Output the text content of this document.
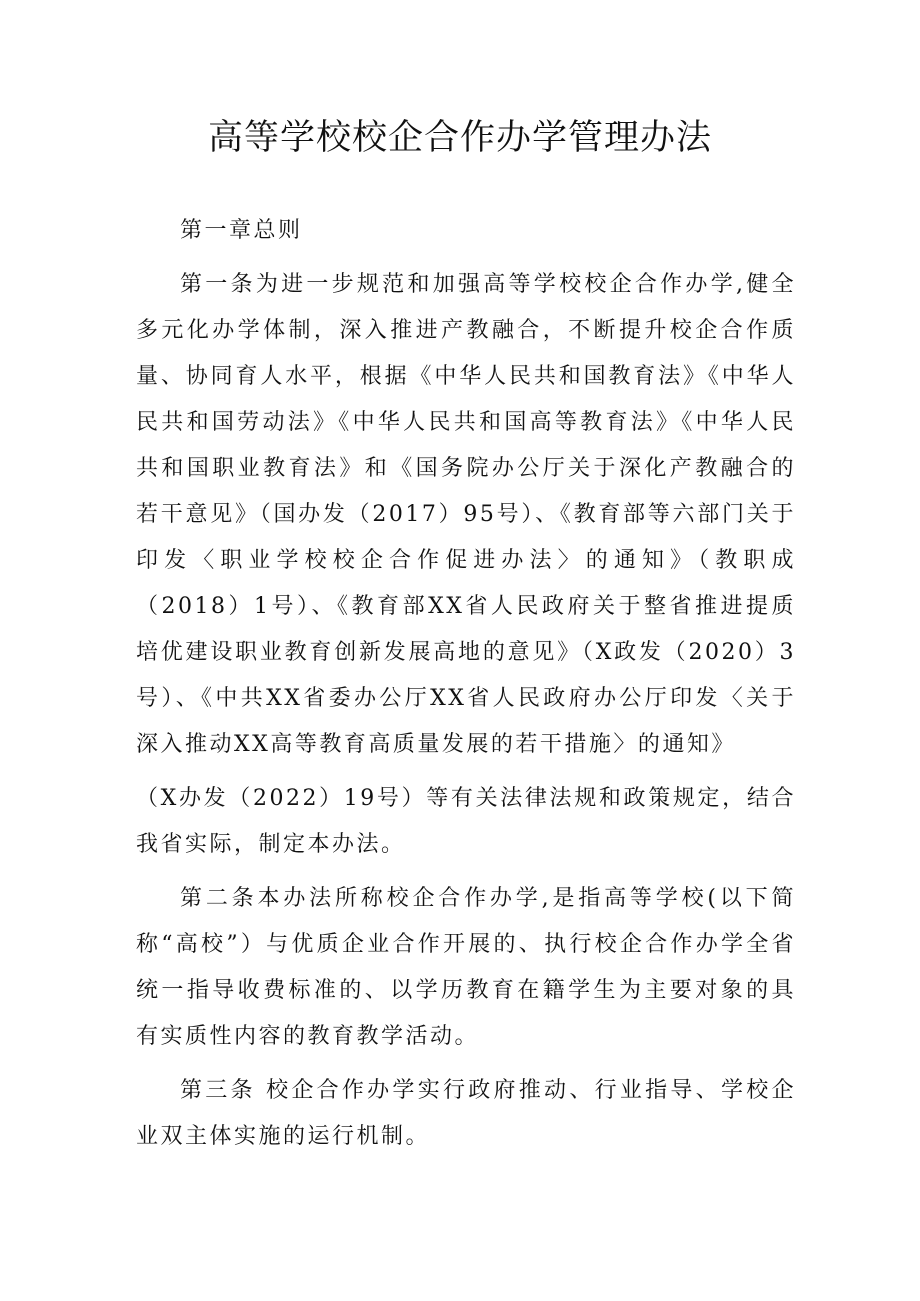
高等学校校企合作办学管理办法

第一章总则

第一条为进一步规范和加强高等学校校企合作办学,健全多元化办学体制，深入推进产教融合，不断提升校企合作质量、协同育人水平，根据《中华人民共和国教育法》《中华人民共和国劳动法》《中华人民共和国高等教育法》《中华人民共和国职业教育法》和《国务院办公厅关于深化产教融合的若干意见》（国办发（2017）95号）、《教育部等六部门关于印发〈职业学校校企合作促进办法〉的通知》（教职成（2018）1号）、《教育部XX省人民政府关于整省推进提质培优建设职业教育创新发展高地的意见》（X政发（2020）3号）、《中共XX省委办公厅XX省人民政府办公厅印发〈关于深入推动XX高等教育高质量发展的若干措施〉的通知》

（X办发（2022）19号）等有关法律法规和政策规定，结合我省实际，制定本办法。

第二条本办法所称校企合作办学,是指高等学校(以下简称“高校”）与优质企业合作开展的、执行校企合作办学全省统一指导收费标准的、以学历教育在籍学生为主要对象的具有实质性内容的教育教学活动。

第三条 校企合作办学实行政府推动、行业指导、学校企业双主体实施的运行机制。
